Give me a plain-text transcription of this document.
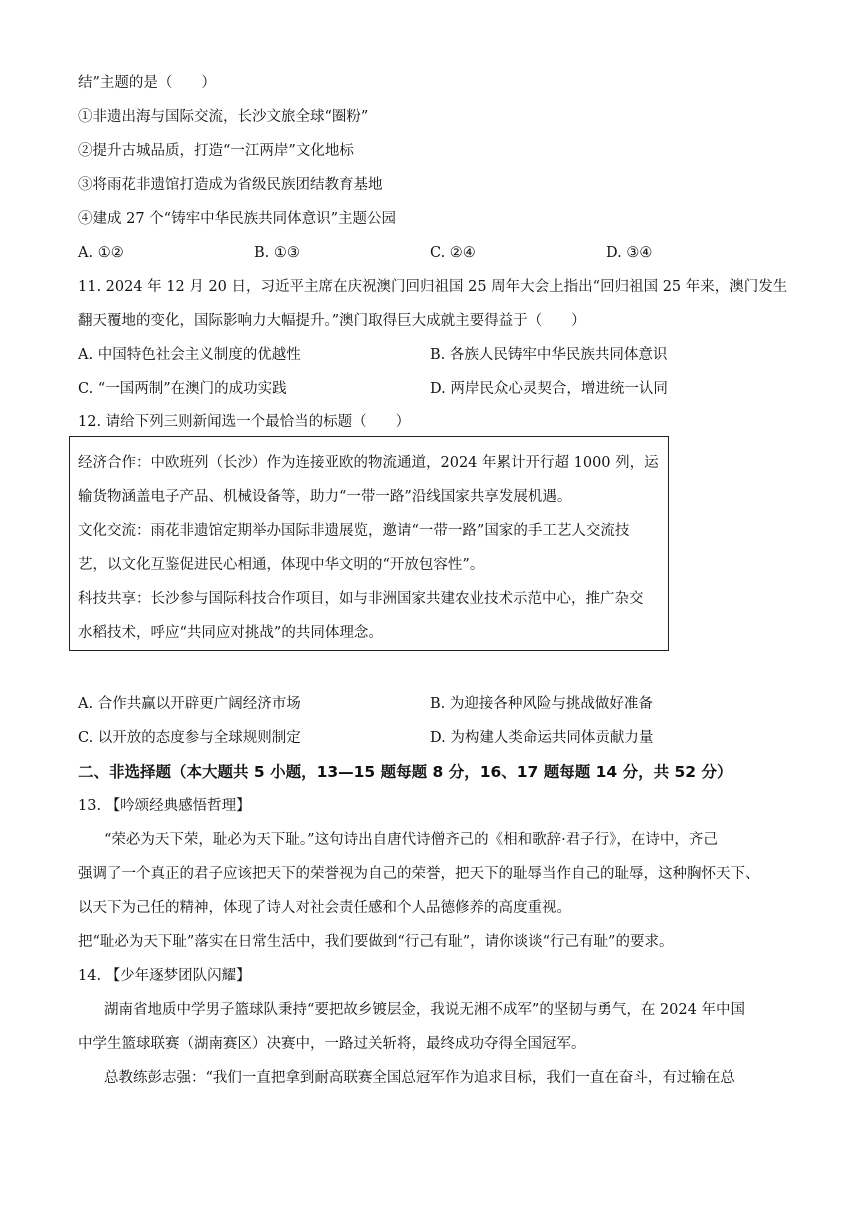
结”主题的是（　　）
①非遗出海与国际交流，长沙文旅全球“圈粉”
②提升古城品质，打造“一江两岸”文化地标
③将雨花非遗馆打造成为省级民族团结教育基地
④建成 27 个“铸牢中华民族共同体意识”主题公园
A. ①②	B. ①③	C. ②④	D. ③④
11. 2024 年 12 月 20 日，习近平主席在庆祝澳门回归祖国 25 周年大会上指出“回归祖国 25 年来，澳门发生
翻天覆地的变化，国际影响力大幅提升。”澳门取得巨大成就主要得益于（　　）
A. 中国特色社会主义制度的优越性	B. 各族人民铸牢中华民族共同体意识
C. “一国两制”在澳门的成功实践	D. 两岸民众心灵契合，增进统一认同
12. 请给下列三则新闻选一个最恰当的标题（　　）
经济合作：中欧班列（长沙）作为连接亚欧的物流通道，2024 年累计开行超 1000 列，运
输货物涵盖电子产品、机械设备等，助力“一带一路”沿线国家共享发展机遇。
文化交流：雨花非遗馆定期举办国际非遗展览，邀请“一带一路”国家的手工艺人交流技
艺，以文化互鉴促进民心相通，体现中华文明的“开放包容性”。
科技共享：长沙参与国际科技合作项目，如与非洲国家共建农业技术示范中心，推广杂交
水稻技术，呼应“共同应对挑战”的共同体理念。
A. 合作共赢以开辟更广阔经济市场	B. 为迎接各种风险与挑战做好准备
C. 以开放的态度参与全球规则制定	D. 为构建人类命运共同体贡献力量
二、非选择题（本大题共 5 小题，13—15 题每题 8 分，16、17 题每题 14 分，共 52 分）
13. 【吟颂经典感悟哲理】
“荣必为天下荣，耻必为天下耻。”这句诗出自唐代诗僧齐己的《相和歌辞·君子行》，在诗中，齐己
强调了一个真正的君子应该把天下的荣誉视为自己的荣誉，把天下的耻辱当作自己的耻辱，这种胸怀天下、
以天下为己任的精神，体现了诗人对社会责任感和个人品德修养的高度重视。
把“耻必为天下耻”落实在日常生活中，我们要做到“行己有耻”，请你谈谈“行己有耻”的要求。
14. 【少年逐梦团队闪耀】
湖南省地质中学男子篮球队秉持“要把故乡镀层金，我说无湘不成军”的坚韧与勇气，在 2024 年中国
中学生篮球联赛（湖南赛区）决赛中，一路过关斩将，最终成功夺得全国冠军。
总教练彭志强：“我们一直把拿到耐高联赛全国总冠军作为追求目标，我们一直在奋斗，有过输在总
